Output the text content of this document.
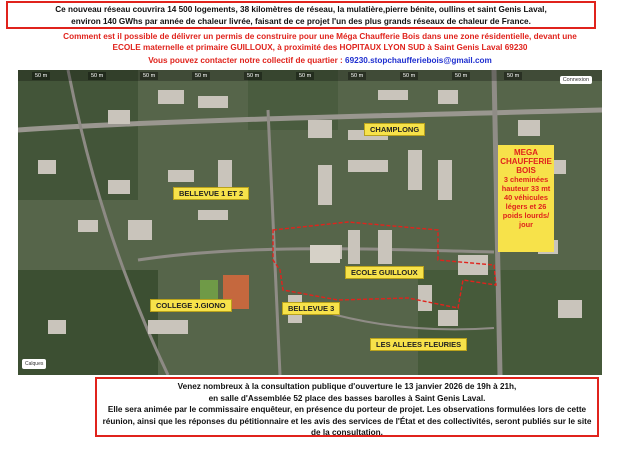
Ce nouveau réseau couvrira 14 500 logements, 38 kilomètres de réseau, la mulatière,pierre bénite, oullins et saint Genis Laval,
environ 140 GWhs par année de chaleur livrée, faisant de ce projet l'un des plus grands réseaux de chaleur de France.
Comment est il possible de délivrer un permis de construire pour une Méga Chaufferie Bois dans une zone résidentielle, devant une
ECOLE maternelle et primaire GUILLOUX, à proximité des HOPITAUX LYON SUD à Saint Genis Laval 69230
Vous pouvez contacter notre collectif de quartier : 69230.stopchaufferiebois@gmail.com
50 m	50 m	50 m	50 m	50 m	50 m	50 m	50 m	50 m	50 m
Connexion
CHAMPLONG
BELLEVUE 1 ET 2
ECOLE GUILLOUX
COLLEGE J.GIONO	BELLEVUE 3
LES ALLEES FLEURIES
MEGA
CHAUFFERIE
BOIS
3 cheminées
hauteur 33 mt
40 véhicules
légers et 26
poids lourds/
jour
Calques
Venez nombreux à la consultation publique d'ouverture le 13 janvier 2026 de 19h à 21h,
en salle d'Assemblée 52 place des basses barolles à Saint Genis Laval.
Elle sera animée par le commissaire enquêteur, en présence du porteur de projet. Les observations formulées lors de cette
réunion, ainsi que les réponses du pétitionnaire et les avis des services de l'État et des collectivités, seront publiés sur le site
de la consultation.
